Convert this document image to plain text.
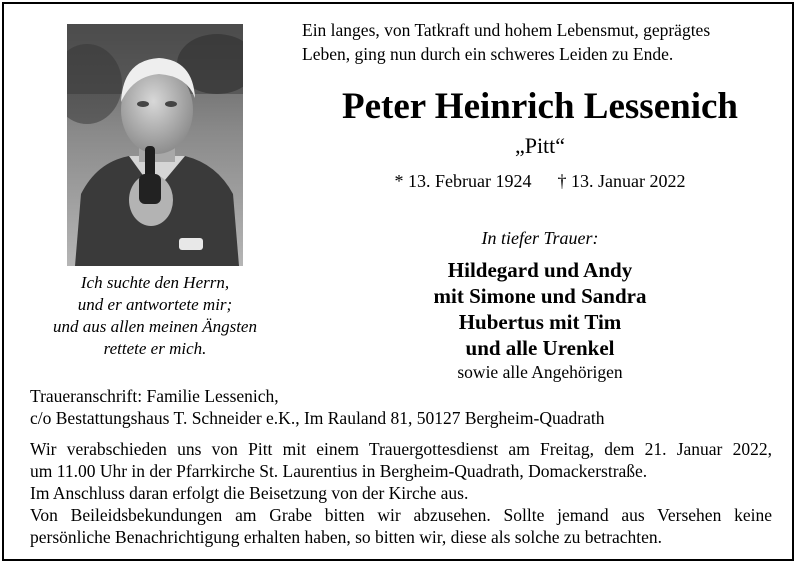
Ich suchte den Herrn,
und er antwortete mir;
und aus allen meinen Ängsten
rettete er mich.
Ein langes, von Tatkraft und hohem Lebensmut, geprägtes
Leben, ging nun durch ein schweres Leiden zu Ende.
Peter Heinrich Lessenich
„Pitt“
* 13. Februar 1924 † 13. Januar 2022
In tiefer Trauer:
Hildegard und Andy
mit Simone und Sandra
Hubertus mit Tim
und alle Urenkel
sowie alle Angehörigen
Traueranschrift: Familie Lessenich,
c/o Bestattungshaus T. Schneider e.K., Im Rauland 81, 50127 Bergheim-Quadrath
Wir verabschieden uns von Pitt mit einem Trauergottesdienst am Freitag, dem 21. Januar 2022,
um 11.00 Uhr in der Pfarrkirche St. Laurentius in Bergheim-Quadrath, Domackerstraße.
Im Anschluss daran erfolgt die Beisetzung von der Kirche aus.
Von Beileidsbekundungen am Grabe bitten wir abzusehen. Sollte jemand aus Versehen keine
persönliche Benachrichtigung erhalten haben, so bitten wir, diese als solche zu betrachten.
